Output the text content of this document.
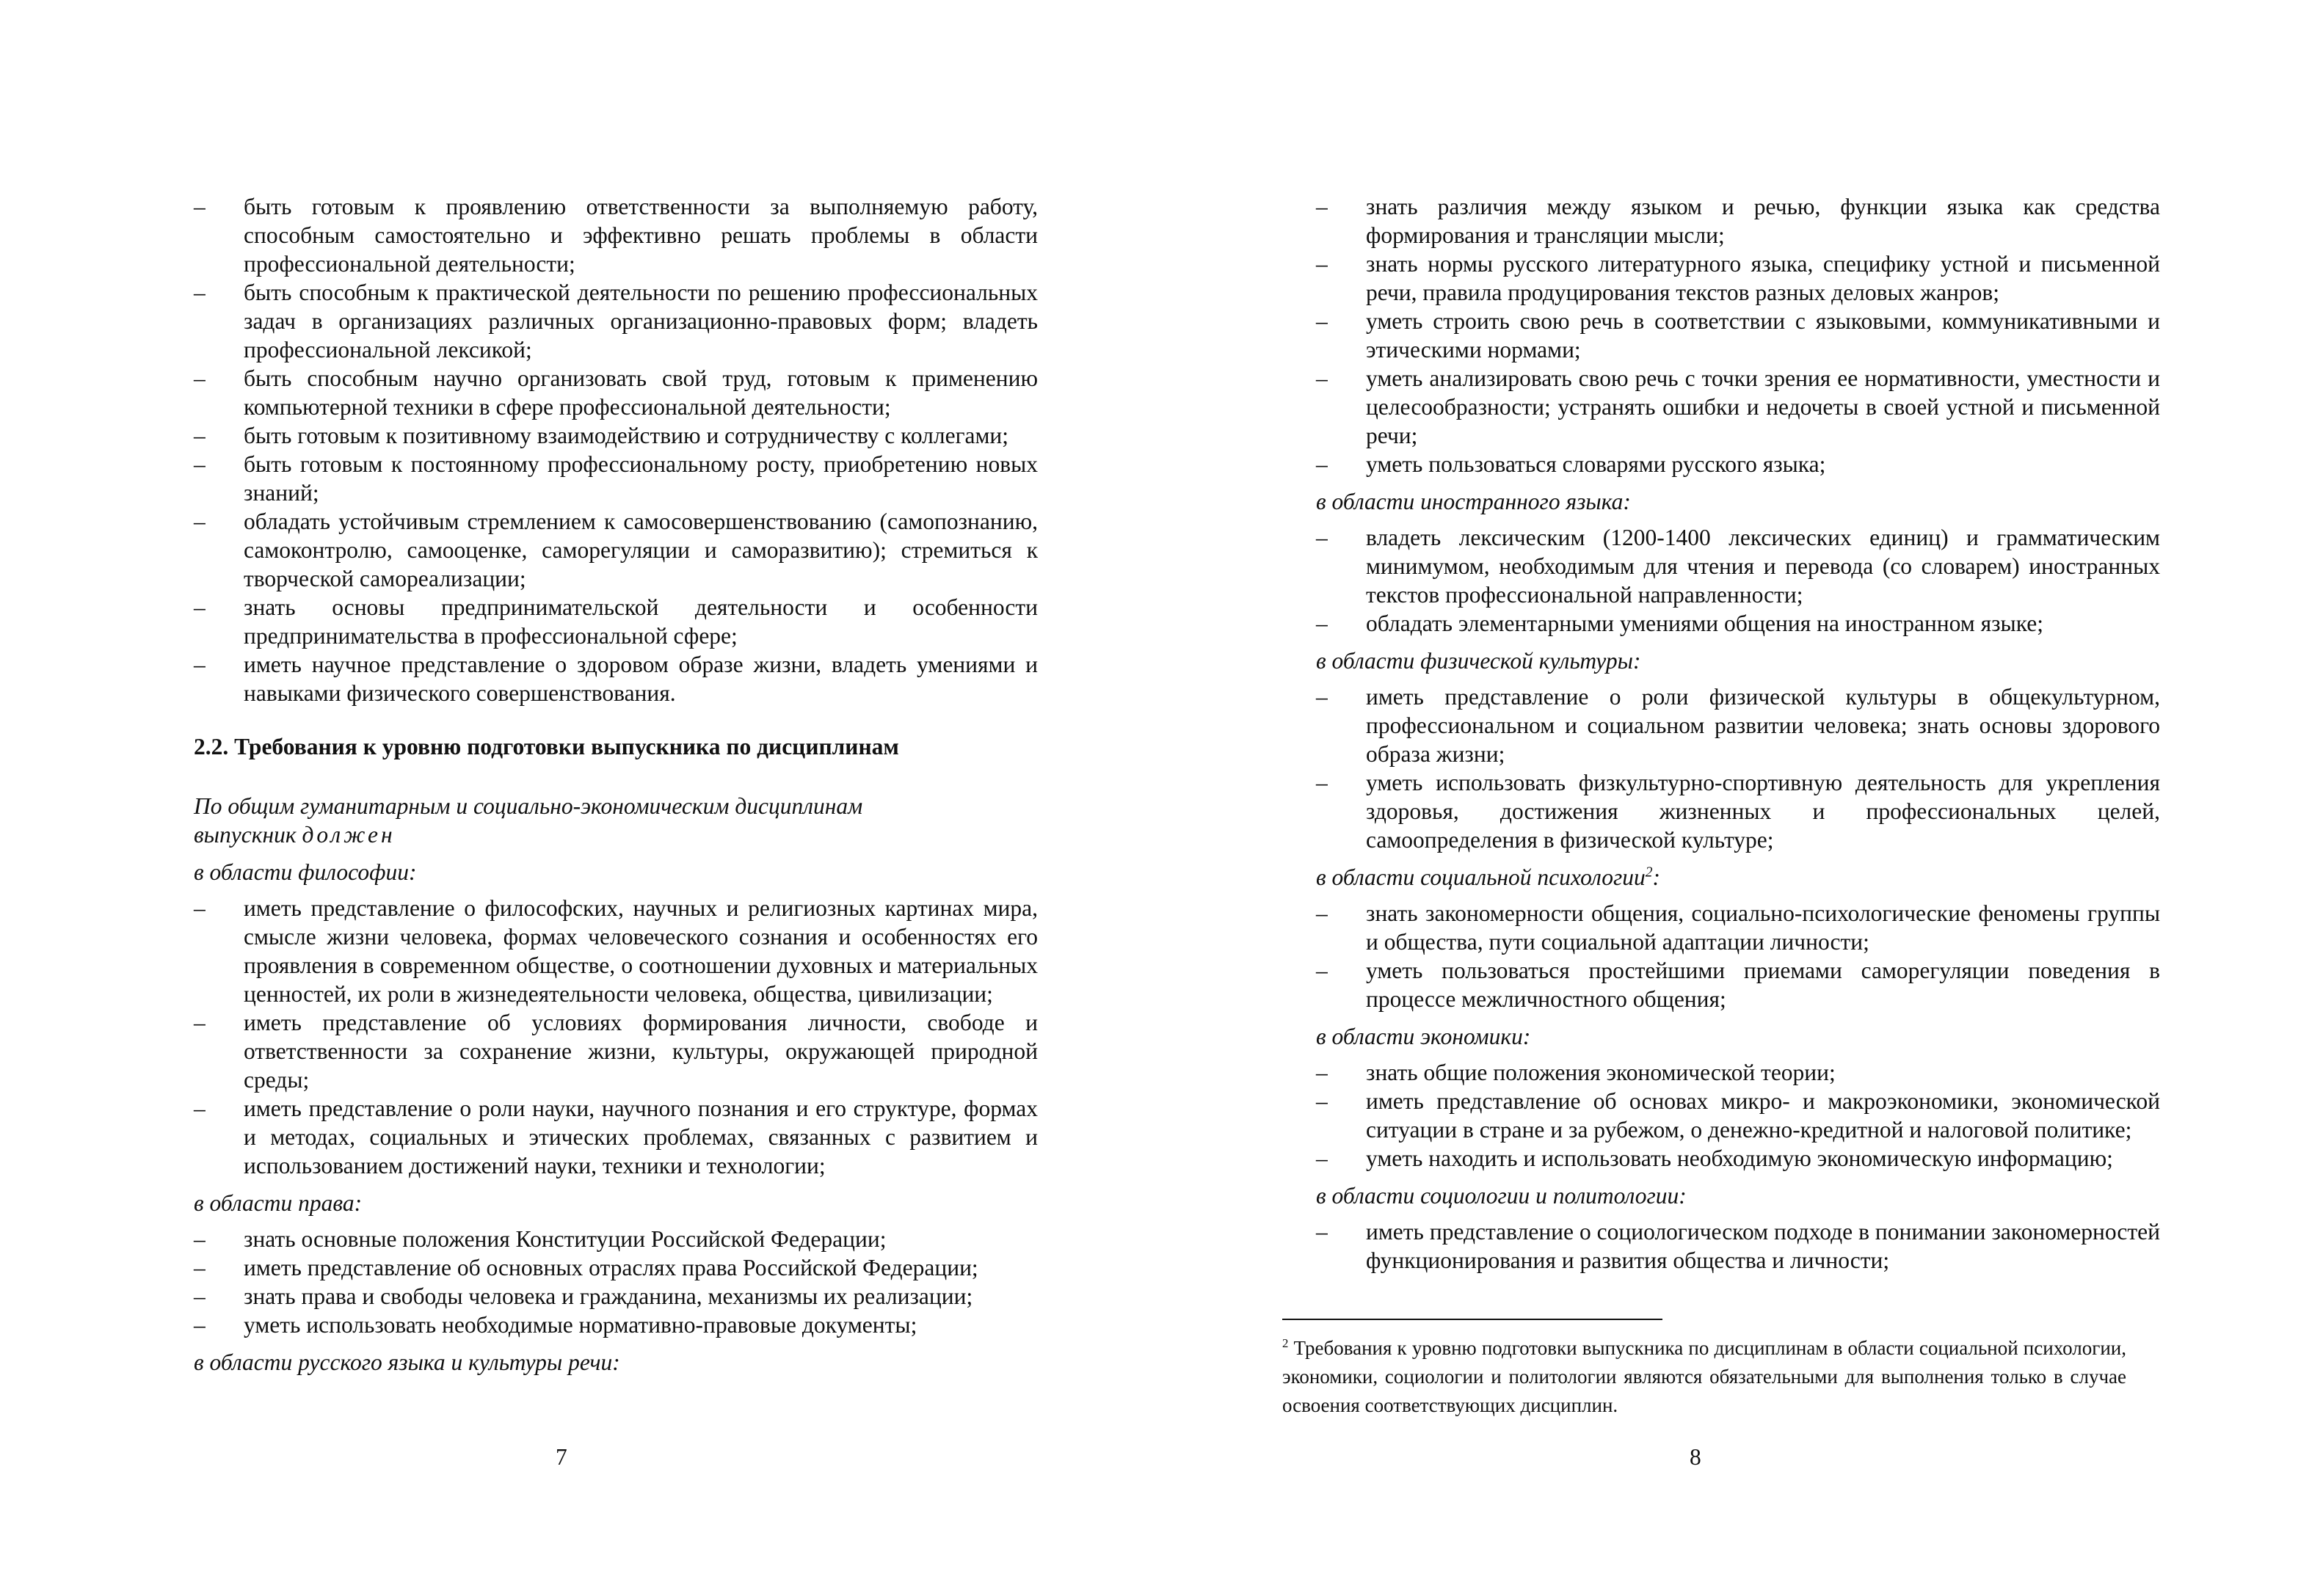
– быть готовым к проявлению ответственности за выполняемую работу, способным самостоятельно и эффективно решать проблемы в области профессиональной деятельности;
– быть способным к практической деятельности по решению профессиональных задач в организациях различных организационно-правовых форм; владеть профессиональной лексикой;
– быть способным научно организовать свой труд, готовым к применению компьютерной техники в сфере профессиональной деятельности;
– быть готовым к позитивному взаимодействию и сотрудничеству с коллегами;
– быть готовым к постоянному профессиональному росту, приобретению новых знаний;
– обладать устойчивым стремлением к самосовершенствованию (самопознанию, самоконтролю, самооценке, саморегуляции и саморазвитию); стремиться к творческой самореализации;
– знать основы предпринимательской деятельности и особенности предпринимательства в профессиональной сфере;
– иметь научное представление о здоровом образе жизни, владеть умениями и навыками физического совершенствования.
2.2. Требования к уровню подготовки выпускника по дисциплинам
По общим гуманитарным и социально-экономическим дисциплинам
выпускник должен
в области философии:
– иметь представление о философских, научных и религиозных картинах мира, смысле жизни человека, формах человеческого сознания и особенностях его проявления в современном обществе, о соотношении духовных и материальных ценностей, их роли в жизнедеятельности человека, общества, цивилизации;
– иметь представление об условиях формирования личности, свободе и ответственности за сохранение жизни, культуры, окружающей природной среды;
– иметь представление о роли науки, научного познания и его структуре, формах и методах, социальных и этических проблемах, связанных с развитием и использованием достижений науки, техники и технологии;
в области права:
– знать основные положения Конституции Российской Федерации;
– иметь представление об основных отраслях права Российской Федерации;
– знать права и свободы человека и гражданина, механизмы их реализации;
– уметь использовать необходимые нормативно-правовые документы;
в области русского языка и культуры речи:
7
– знать различия между языком и речью, функции языка как средства формирования и трансляции мысли;
– знать нормы русского литературного языка, специфику устной и письменной речи, правила продуцирования текстов разных деловых жанров;
– уметь строить свою речь в соответствии с языковыми, коммуникативными и этическими нормами;
– уметь анализировать свою речь с точки зрения ее нормативности, уместности и целесообразности; устранять ошибки и недочеты в своей устной и письменной речи;
– уметь пользоваться словарями русского языка;
в области иностранного языка:
– владеть лексическим (1200-1400 лексических единиц) и грамматическим минимумом, необходимым для чтения и перевода (со словарем) иностранных текстов профессиональной направленности;
– обладать элементарными умениями общения на иностранном языке;
в области физической культуры:
– иметь представление о роли физической культуры в общекультурном, профессиональном и социальном развитии человека; знать основы здорового образа жизни;
– уметь использовать физкультурно-спортивную деятельность для укрепления здоровья, достижения жизненных и профессиональных целей, самоопределения в физической культуре;
в области социальной психологии$^2$:
– знать закономерности общения, социально-психологические феномены группы и общества, пути социальной адаптации личности;
– уметь пользоваться простейшими приемами саморегуляции поведения в процессе межличностного общения;
в области экономики:
– знать общие положения экономической теории;
– иметь представление об основах микро- и макроэкономики, экономической ситуации в стране и за рубежом, о денежно-кредитной и налоговой политике;
– уметь находить и использовать необходимую экономическую информацию;
в области социологии и политологии:
– иметь представление о социологическом подходе в понимании закономерностей функционирования и развития общества и личности;
8
$^2$ Требования к уровню подготовки выпускника по дисциплинам в области социальной психологии, экономики, социологии и политологии являются обязательными для выполнения только в случае освоения соответствующих дисциплин.
